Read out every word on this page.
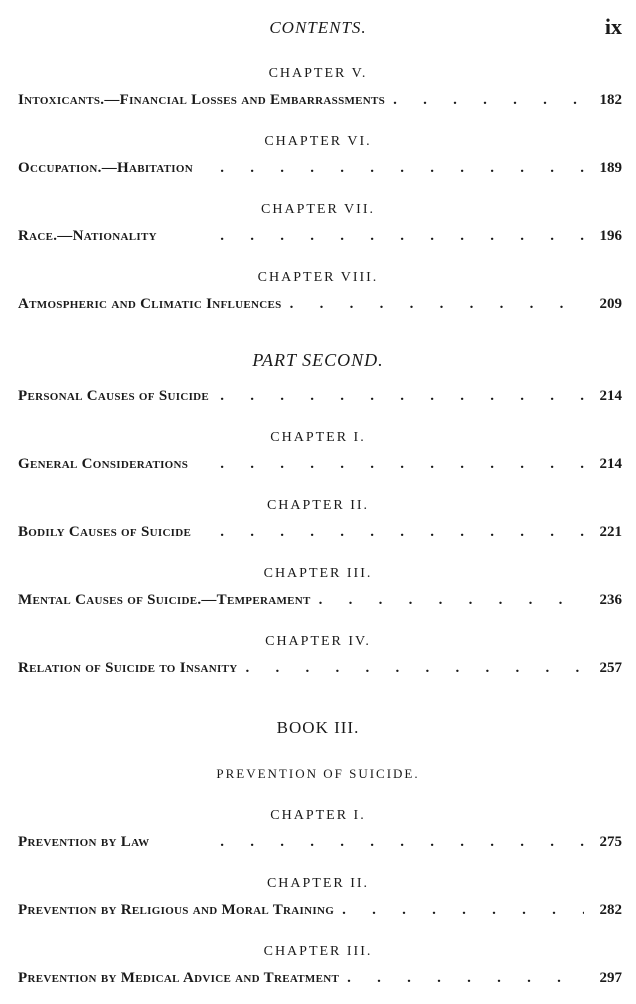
CONTENTS.	ix
CHAPTER V.
Intoxicants.—Financial Losses and Embarrassments .	182
CHAPTER VI.
Occupation.—Habitation .	189
CHAPTER VII.
Race.—Nationality .	196
CHAPTER VIII.
Atmospheric and Climatic Influences .	209
PART SECOND.
Personal Causes of Suicide .	214
CHAPTER I.
General Considerations .	214
CHAPTER II.
Bodily Causes of Suicide .	221
CHAPTER III.
Mental Causes of Suicide.—Temperament .	236
CHAPTER IV.
Relation of Suicide to Insanity .	257
BOOK III.
PREVENTION OF SUICIDE.
CHAPTER I.
Prevention by Law .	275
CHAPTER II.
Prevention by Religious and Moral Training .	282
CHAPTER III.
Prevention by Medical Advice and Treatment .	297
